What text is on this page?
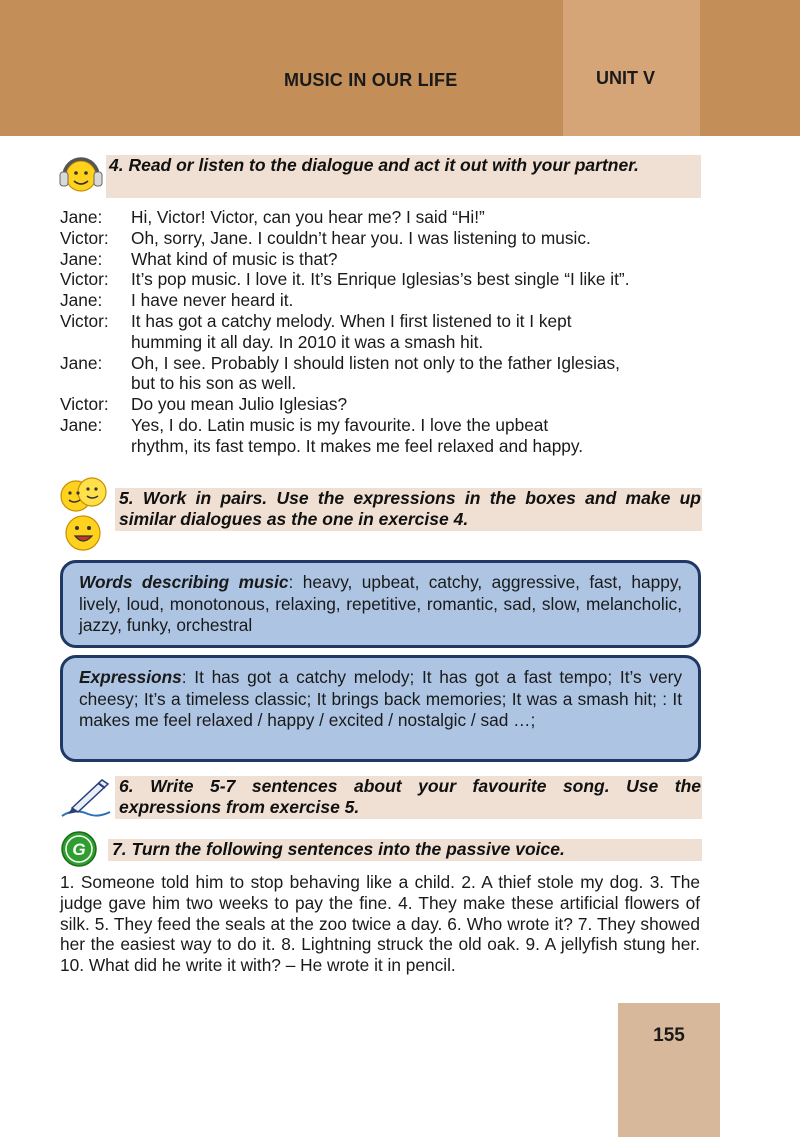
MUSIC IN OUR LIFE	UNIT V
4. Read or listen to the dialogue and act it out with your partner.
Jane:	Hi, Victor! Victor, can you hear me? I said “Hi!”
Victor:	Oh, sorry, Jane. I couldn’t hear you. I was listening to music.
Jane:	What kind of music is that?
Victor:	It’s pop music. I love it. It’s Enrique Iglesias’s best single “I like it”.
Jane:	I have never heard it.
Victor:	It has got a catchy melody. When I first listened to it I kept
humming it all day. In 2010 it was a smash hit.
Jane:	Oh, I see. Probably I should listen not only to the father Iglesias,
but to his son as well.
Victor:	Do you mean Julio Iglesias?
Jane:	Yes, I do. Latin music is my favourite. I love the upbeat
rhythm, its fast tempo. It makes me feel relaxed and happy.
5. Work in pairs. Use the expressions in the boxes and make up similar dialogues as the one in exercise 4.
Words describing music: heavy, upbeat, catchy, aggressive, fast, happy, lively, loud, monotonous, relaxing, repetitive, romantic, sad, slow, melancholic, jazzy, funky, orchestral
Expressions: It has got a catchy melody; It has got a fast tempo; It’s very cheesy; It’s a timeless classic; It brings back memories; It was a smash hit; : It makes me feel relaxed / happy / excited / nostalgic / sad …;
6. Write 5-7 sentences about your favourite song. Use the expressions from exercise 5.
G 7. Turn the following sentences into the passive voice.
1. Someone told him to stop behaving like a child. 2. A thief stole my dog. 3. The judge gave him two weeks to pay the fine. 4. They make these artificial flowers of silk. 5. They feed the seals at the zoo twice a day. 6. Who wrote it? 7. They showed her the easiest way to do it. 8. Lightning struck the old oak. 9. A jellyfish stung her. 10. What did he write it with? – He wrote it in pencil.
155
